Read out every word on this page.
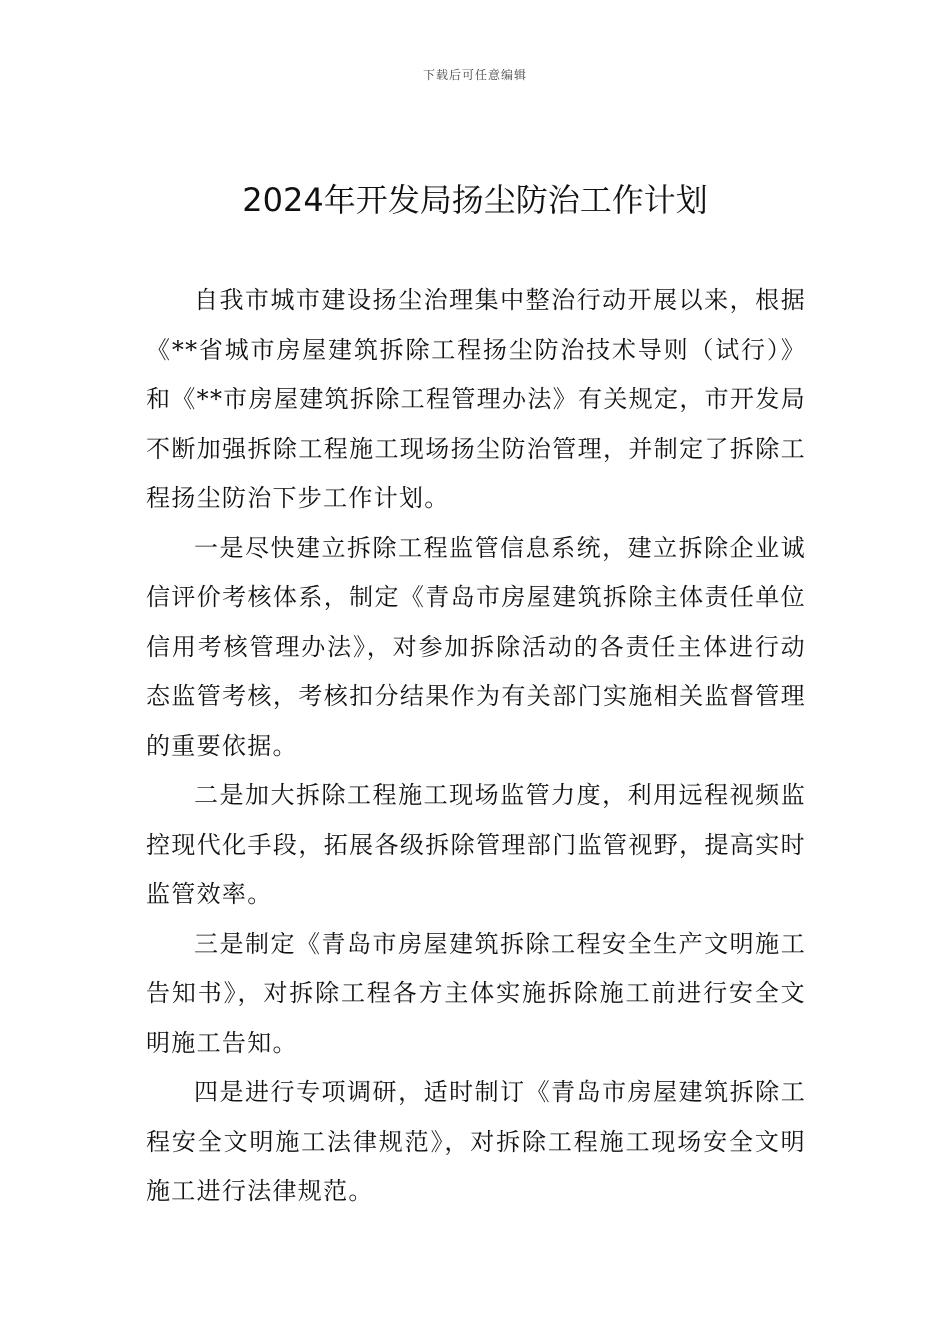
下载后可任意编辑
2024年开发局扬尘防治工作计划

自我市城市建设扬尘治理集中整治行动开展以来，根据《**省城市房屋建筑拆除工程扬尘防治技术导则（试行）》和《**市房屋建筑拆除工程管理办法》有关规定，市开发局不断加强拆除工程施工现场扬尘防治管理，并制定了拆除工程扬尘防治下步工作计划。

一是尽快建立拆除工程监管信息系统，建立拆除企业诚信评价考核体系，制定《青岛市房屋建筑拆除主体责任单位信用考核管理办法》，对参加拆除活动的各责任主体进行动态监管考核，考核扣分结果作为有关部门实施相关监督管理的重要依据。

二是加大拆除工程施工现场监管力度，利用远程视频监控现代化手段，拓展各级拆除管理部门监管视野，提高实时监管效率。

三是制定《青岛市房屋建筑拆除工程安全生产文明施工告知书》，对拆除工程各方主体实施拆除施工前进行安全文明施工告知。

四是进行专项调研，适时制订《青岛市房屋建筑拆除工程安全文明施工法律规范》，对拆除工程施工现场安全文明施工进行法律规范。
